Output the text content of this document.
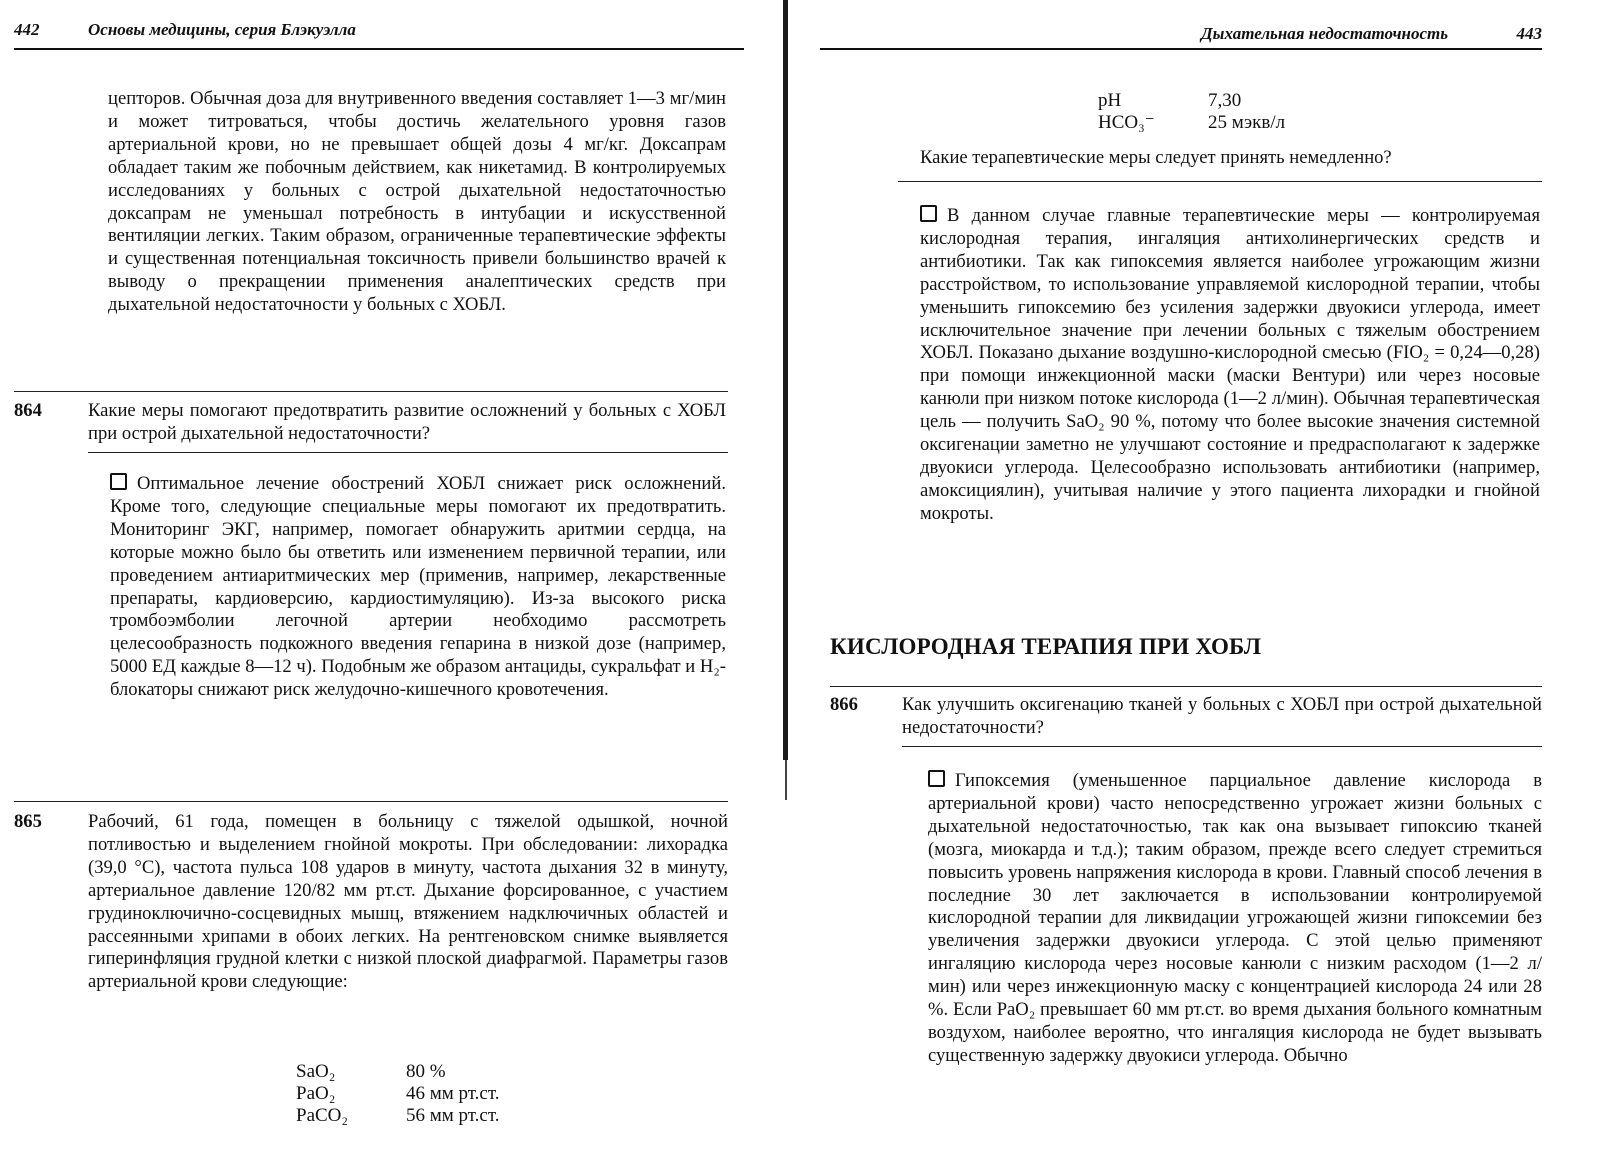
442	Основы медицины, серия Блэкуэлла

цепторов. Обычная доза для внутривенного введения составляет 1—3 мг/мин и может титроваться, чтобы достичь желательного уровня газов артериальной крови, но не превышает общей дозы 4 мг/кг. Доксапрам обладает таким же побочным действием, как никетамид. В контролируемых исследованиях у больных с острой дыхательной недостаточностью доксапрам не уменьшал потребность в интубации и искусственной вентиляции легких. Таким образом, ограниченные терапевтические эффекты и существенная потенциальная токсичность привели большинство врачей к выводу о прекращении применения аналептических средств при дыхательной недостаточности у больных с ХОБЛ.

864 Какие меры помогают предотвратить развитие осложнений у больных с ХОБЛ при острой дыхательной недостаточности?

Оптимальное лечение обострений ХОБЛ снижает риск осложнений. Кроме того, следующие специальные меры помогают их предотвратить. Мониторинг ЭКГ, например, помогает обнаружить аритмии сердца, на которые можно было бы ответить или изменением первичной терапии, или проведением антиаритмических мер (применив, например, лекарственные препараты, кардиоверсию, кардиостимуляцию). Из-за высокого риска тромбоэмболии легочной артерии необходимо рассмотреть целесообразность подкожного введения гепарина в низкой дозе (например, 5000 ЕД каждые 8—12 ч). Подобным же образом антациды, сукральфат и H₂-блокаторы снижают риск желудочно-кишечного кровотечения.

865 Рабочий, 61 года, помещен в больницу с тяжелой одышкой, ночной потливостью и выделением гнойной мокроты. При обследовании: лихорадка (39,0 °С), частота пульса 108 ударов в минуту, частота дыхания 32 в минуту, артериальное давление 120/82 мм рт.ст. Дыхание форсированное, с участием грудиноключично-сосцевидных мышц, втяжением надключичных областей и рассеянными хрипами в обоих легких. На рентгеновском снимке выявляется гиперинфляция грудной клетки с низкой плоской диафрагмой. Параметры газов артериальной крови следующие:

SaO₂	80 %
PaO₂	46 мм рт.ст.
PaCO₂	56 мм рт.ст.
Дыхательная недостаточность	443
pH	7,30
HCO₃⁻	25 мэкв/л

Какие терапевтические меры следует принять немедленно?

В данном случае главные терапевтические меры — контролируемая кислородная терапия, ингаляция антихолинергических средств и антибиотики. Так как гипоксемия является наиболее угрожающим жизни расстройством, то использование управляемой кислородной терапии, чтобы уменьшить гипоксемию без усиления задержки двуокиси углерода, имеет исключительное значение при лечении больных с тяжелым обострением ХОБЛ. Показано дыхание воздушно-кислородной смесью (FIO₂ = 0,24—0,28) при помощи инжекционной маски (маски Вентури) или через носовые канюли при низком потоке кислорода (1—2 л/мин). Обычная терапевтическая цель — получить SaO₂ 90 %, потому что более высокие значения системной оксигенации заметно не улучшают состояние и предрасполагают к задержке двуокиси углерода. Целесообразно использовать антибиотики (например, амоксициялин), учитывая наличие у этого пациента лихорадки и гнойной мокроты.

КИСЛОРОДНАЯ ТЕРАПИЯ ПРИ ХОБЛ
866 Как улучшить оксигенацию тканей у больных с ХОБЛ при острой дыхательной недостаточности?

Гипоксемия (уменьшенное парциальное давление кислорода в артериальной крови) часто непосредственно угрожает жизни больных с дыхательной недостаточностью, так как она вызывает гипоксию тканей (мозга, миокарда и т.д.); таким образом, прежде всего следует стремиться повысить уровень напряжения кислорода в крови. Главный способ лечения в последние 30 лет заключается в использовании контролируемой кислородной терапии для ликвидации угрожающей жизни гипоксемии без увеличения задержки двуокиси углерода. С этой целью применяют ингаляцию кислорода через носовые канюли с низким расходом (1—2 л/мин) или через инжекционную маску с концентрацией кислорода 24 или 28 %. Если PaO₂ превышает 60 мм рт.ст. во время дыхания больного комнатным воздухом, наиболее вероятно, что ингаляция кислорода не будет вызывать существенную задержку двуокиси углерода. Обычно
